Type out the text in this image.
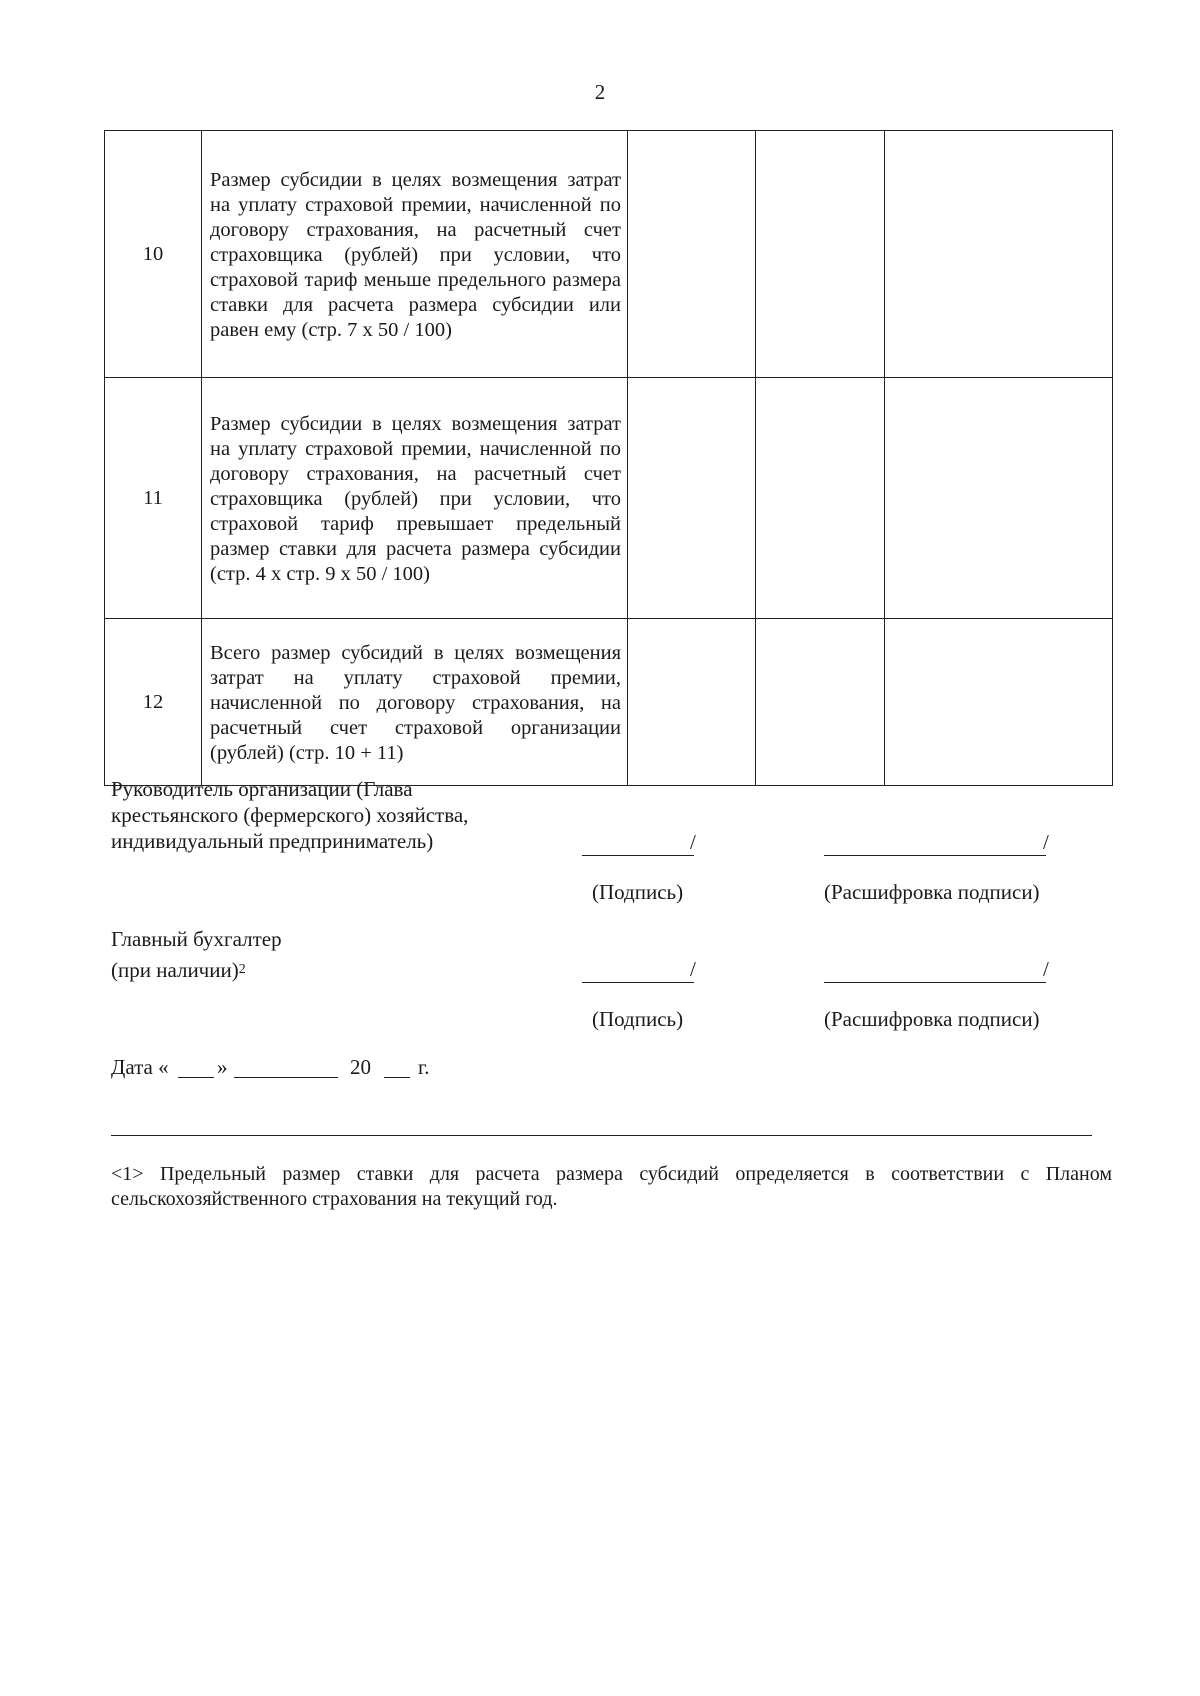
2
10	Размер субсидии в целях возмещения затрат на уплату страховой премии, начисленной по договору страхования, на расчетный счет страховщика (рублей) при условии, что страховой тариф меньше предельного размера ставки для расчета размера субсидии или равен ему (стр. 7 x 50 / 100)			
11	Размер субсидии в целях возмещения затрат на уплату страховой премии, начисленной по договору страхования, на расчетный счет страховщика (рублей) при условии, что страховой тариф превышает предельный размер ставки для расчета размера субсидии (стр. 4 x стр. 9 x 50 / 100)			
12	Всего размер субсидий в целях возмещения затрат на уплату страховой премии, начисленной по договору страхования, на расчетный счет страховой организации (рублей) (стр. 10 + 11)			
Руководитель организации (Глава
крестьянского (фермерского) хозяйства,
индивидуальный предприниматель)	/	/
(Подпись)	(Расшифровка подписи)
Главный бухгалтер
(при наличии)$^2$	/	/
(Подпись)	(Расшифровка подписи)
Дата « »	20 г.
<1> Предельный размер ставки для расчета размера субсидий определяется в соответствии с Планом сельскохозяйственного страхования на текущий год.
